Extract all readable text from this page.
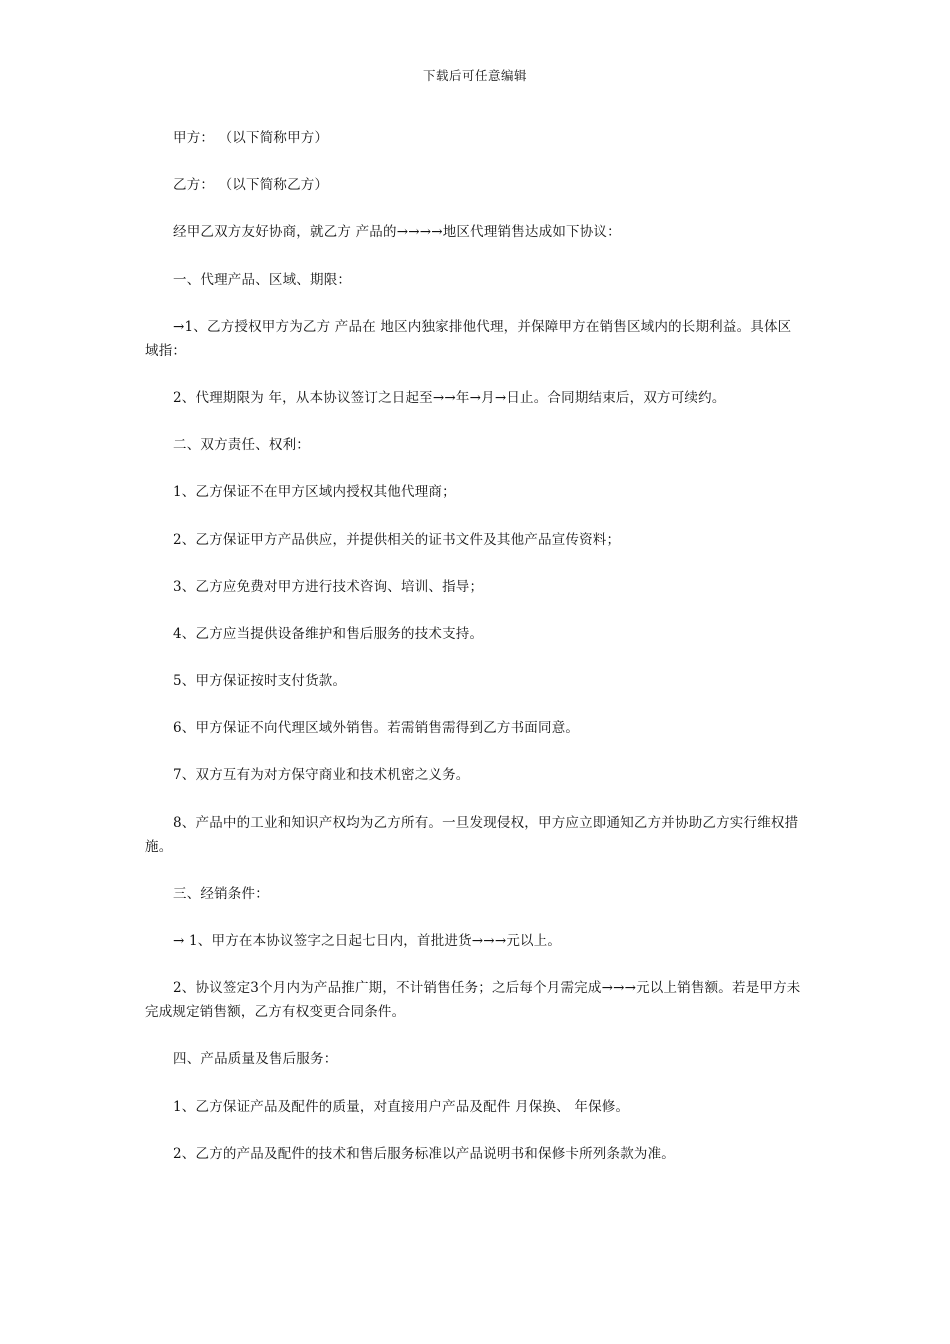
下载后可任意编辑

甲方： （以下简称甲方）

乙方： （以下简称乙方）

经甲乙双方友好协商，就乙方 产品的→→→→地区代理销售达成如下协议：

一、代理产品、区域、期限：

→1、乙方授权甲方为乙方 产品在 地区内独家排他代理，并保障甲方在销售区域内的长期利益。具体区域指：

2、代理期限为 年，从本协议签订之日起至→→年→月→日止。合同期结束后，双方可续约。

二、双方责任、权利：

1、乙方保证不在甲方区域内授权其他代理商；

2、乙方保证甲方产品供应，并提供相关的证书文件及其他产品宣传资料；

3、乙方应免费对甲方进行技术咨询、培训、指导；

4、乙方应当提供设备维护和售后服务的技术支持。

5、甲方保证按时支付货款。

6、甲方保证不向代理区域外销售。若需销售需得到乙方书面同意。

7、双方互有为对方保守商业和技术机密之义务。

8、产品中的工业和知识产权均为乙方所有。一旦发现侵权，甲方应立即通知乙方并协助乙方实行维权措施。

三、经销条件：

→ 1、甲方在本协议签字之日起七日内，首批进货→→→元以上。

2、协议签定3个月内为产品推广期，不计销售任务；之后每个月需完成→→→元以上销售额。若是甲方未完成规定销售额，乙方有权变更合同条件。

四、产品质量及售后服务：

1、乙方保证产品及配件的质量，对直接用户产品及配件 月保换、 年保修。

2、乙方的产品及配件的技术和售后服务标准以产品说明书和保修卡所列条款为准。
